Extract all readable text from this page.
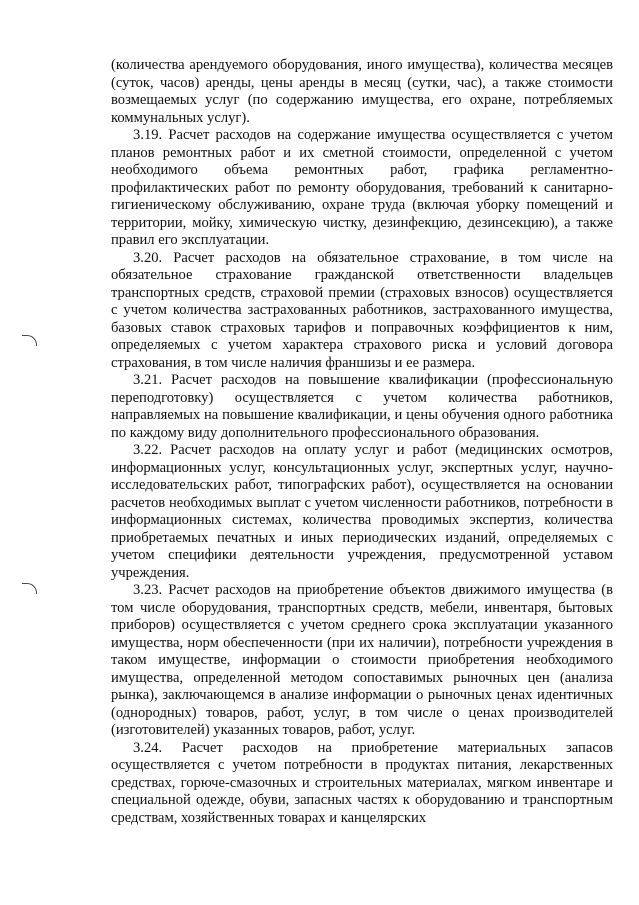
(количества арендуемого оборудования, иного имущества), количества месяцев (суток, часов) аренды, цены аренды в месяц (сутки, час), а также стоимости возмещаемых услуг (по содержанию имущества, его охране, потребляемых коммунальных услуг).

3.19. Расчет расходов на содержание имущества осуществляется с учетом планов ремонтных работ и их сметной стоимости, определенной с учетом необходимого объема ремонтных работ, графика регламентно-профилактических работ по ремонту оборудования, требований к санитарно-гигиеническому обслуживанию, охране труда (включая уборку помещений и территории, мойку, химическую чистку, дезинфекцию, дезинсекцию), а также правил его эксплуатации.

3.20. Расчет расходов на обязательное страхование, в том числе на обязательное страхование гражданской ответственности владельцев транспортных средств, страховой премии (страховых взносов) осуществляется с учетом количества застрахованных работников, застрахованного имущества, базовых ставок страховых тарифов и поправочных коэффициентов к ним, определяемых с учетом характера страхового риска и условий договора страхования, в том числе наличия франшизы и ее размера.

3.21. Расчет расходов на повышение квалификации (профессиональную переподготовку) осуществляется с учетом количества работников, направляемых на повышение квалификации, и цены обучения одного работника по каждому виду дополнительного профессионального образования.

3.22. Расчет расходов на оплату услуг и работ (медицинских осмотров, информационных услуг, консультационных услуг, экспертных услуг, научно-исследовательских работ, типографских работ), осуществляется на основании расчетов необходимых выплат с учетом численности работников, потребности в информационных системах, количества проводимых экспертиз, количества приобретаемых печатных и иных периодических изданий, определяемых с учетом специфики деятельности учреждения, предусмотренной уставом учреждения.

3.23. Расчет расходов на приобретение объектов движимого имущества (в том числе оборудования, транспортных средств, мебели, инвентаря, бытовых приборов) осуществляется с учетом среднего срока эксплуатации указанного имущества, норм обеспеченности (при их наличии), потребности учреждения в таком имуществе, информации о стоимости приобретения необходимого имущества, определенной методом сопоставимых рыночных цен (анализа рынка), заключающемся в анализе информации о рыночных ценах идентичных (однородных) товаров, работ, услуг, в том числе о ценах производителей (изготовителей) указанных товаров, работ, услуг.

3.24. Расчет расходов на приобретение материальных запасов осуществляется с учетом потребности в продуктах питания, лекарственных средствах, горюче-смазочных и строительных материалах, мягком инвентаре и специальной одежде, обуви, запасных частях к оборудованию и транспортным средствам, хозяйственных товарах и канцелярских
